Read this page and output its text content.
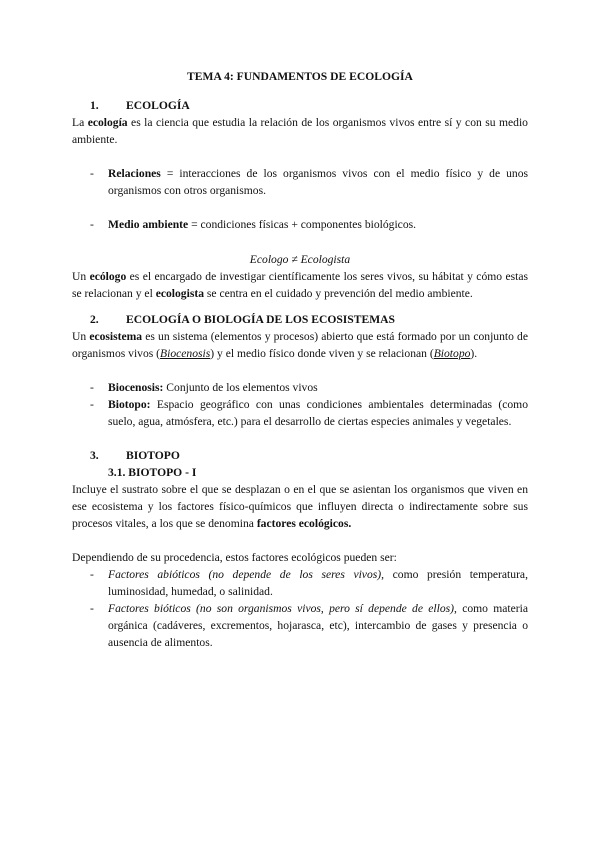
TEMA 4: FUNDAMENTOS DE ECOLOGÍA
1.	ECOLOGÍA

La ecología es la ciencia que estudia la relación de los organismos vivos entre sí y con su medio ambiente.

-	Relaciones = interacciones de los organismos vivos con el medio físico y de unos organismos con otros organismos.
-	Medio ambiente = condiciones físicas + componentes biológicos.
Ecologo ≠ Ecologista

Un ecólogo es el encargado de investigar científicamente los seres vivos, su hábitat y cómo estas se relacionan y el ecologista se centra en el cuidado y prevención del medio ambiente.

2.	ECOLOGÍA O BIOLOGÍA DE LOS ECOSISTEMAS

Un ecosistema es un sistema (elementos y procesos) abierto que está formado por un conjunto de organismos vivos (Biocenosis) y el medio físico donde viven y se relacionan (Biotopo).

-	Biocenosis: Conjunto de los elementos vivos
-	Biotopo: Espacio geográfico con unas condiciones ambientales determinadas (como suelo, agua, atmósfera, etc.) para el desarrollo de ciertas especies animales y vegetales.
3.	BIOTOPO
3.1. BIOTOPO - I

Incluye el sustrato sobre el que se desplazan o en el que se asientan los organismos que viven en ese ecosistema y los factores físico-químicos que influyen directa o indirectamente sobre sus procesos vitales, a los que se denomina factores ecológicos.

Dependiendo de su procedencia, estos factores ecológicos pueden ser:

-	Factores abióticos (no depende de los seres vivos), como presión temperatura, luminosidad, humedad, o salinidad.
-	Factores bióticos (no son organismos vivos, pero sí depende de ellos), como materia orgánica (cadáveres, excrementos, hojarasca, etc), intercambio de gases y presencia o ausencia de alimentos.
